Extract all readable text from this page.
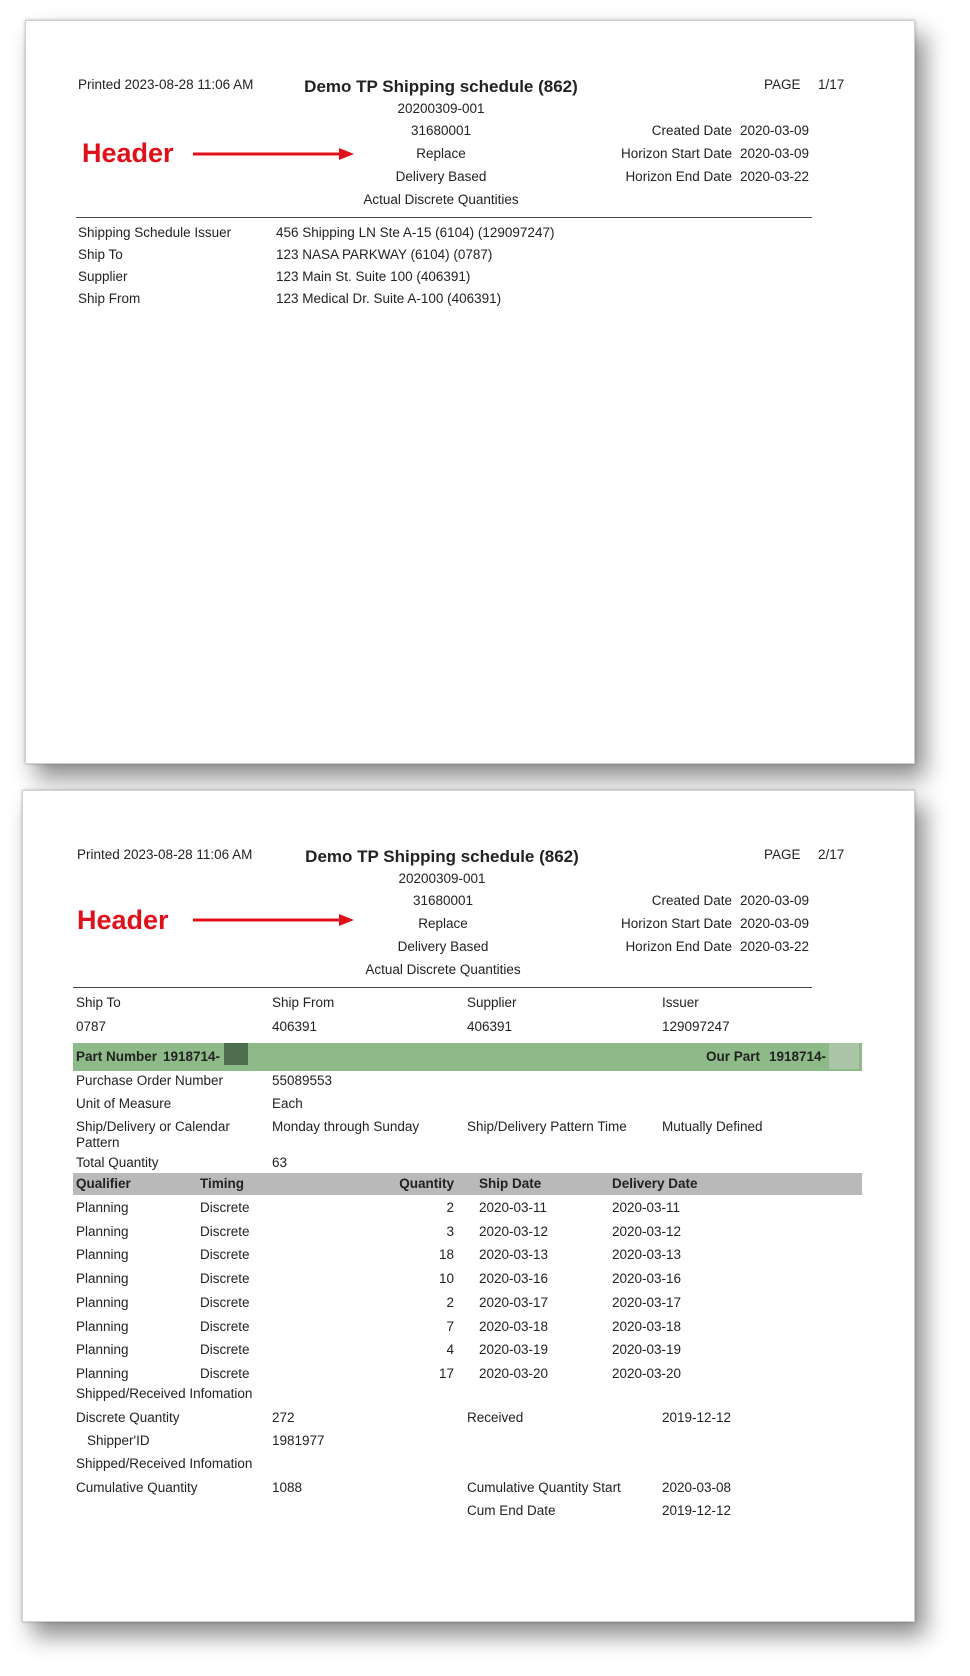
Printed 2023-08-28 11:06 AM	Demo TP Shipping schedule (862)
20200309-001
PAGE 1/17
Header
31680001
Replace
Delivery Based
Actual Discrete Quantities
Created Date 2020-03-09
Horizon Start Date 2020-03-09
Horizon End Date 2020-03-22
Shipping Schedule Issuer	456 Shipping LN Ste A-15 (6104) (129097247)
Ship To	123 NASA PARKWAY (6104) (0787)
Supplier	123 Main St. Suite 100 (406391)
Ship From	123 Medical Dr. Suite A-100 (406391)
Printed 2023-08-28 11:06 AM	Demo TP Shipping schedule (862)
20200309-001
PAGE 2/17
Header
31680001
Replace
Delivery Based
Actual Discrete Quantities
Created Date 2020-03-09
Horizon Start Date 2020-03-09
Horizon End Date 2020-03-22
Ship To	Ship From	Supplier	Issuer
0787	406391	406391	129097247
Part Number 1918714-	Our Part 1918714-
Purchase Order Number	55089553
Unit of Measure	Each
Ship/Delivery or Calendar
Pattern
Monday through Sunday	Ship/Delivery Pattern Time	Mutually Defined
Total Quantity	63
Qualifier	Timing	Quantity Ship Date	Delivery Date
Planning	Discrete	2 2020-03-11	2020-03-11
Planning	Discrete	3 2020-03-12	2020-03-12
Planning	Discrete	18 2020-03-13	2020-03-13
Planning	Discrete	10 2020-03-16	2020-03-16
Planning	Discrete	2 2020-03-17	2020-03-17
Planning	Discrete	7 2020-03-18	2020-03-18
Planning	Discrete	4 2020-03-19	2020-03-19
Planning	Discrete	17 2020-03-20	2020-03-20
Shipped/Received Infomation
Discrete Quantity	272	Received	2019-12-12
Shipper'ID	1981977
Shipped/Received Infomation
Cumulative Quantity	1088	Cumulative Quantity Start	2020-03-08
Cum End Date	2019-12-12
